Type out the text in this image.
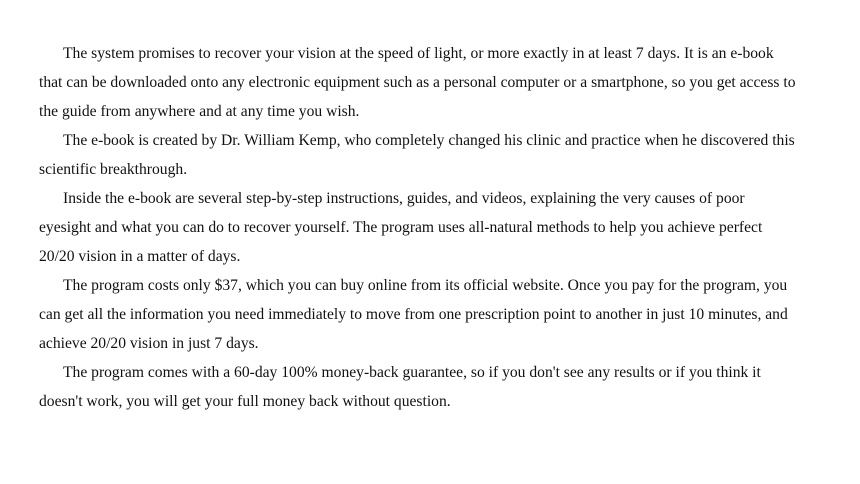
The system promises to recover your vision at the speed of light, or more exactly in at least 7 days. It is an e-book
that can be downloaded onto any electronic equipment such as a personal computer or a smartphone, so you get access to
the guide from anywhere and at any time you wish.

The e-book is created by Dr. William Kemp, who completely changed his clinic and practice when he discovered this
scientific breakthrough.

Inside the e-book are several step-by-step instructions, guides, and videos, explaining the very causes of poor
eyesight and what you can do to recover yourself. The program uses all-natural methods to help you achieve perfect
20/20 vision in a matter of days.

The program costs only $37, which you can buy online from its official website. Once you pay for the program, you
can get all the information you need immediately to move from one prescription point to another in just 10 minutes, and
achieve 20/20 vision in just 7 days.

The program comes with a 60-day 100% money-back guarantee, so if you don't see any results or if you think it
doesn't work, you will get your full money back without question.
